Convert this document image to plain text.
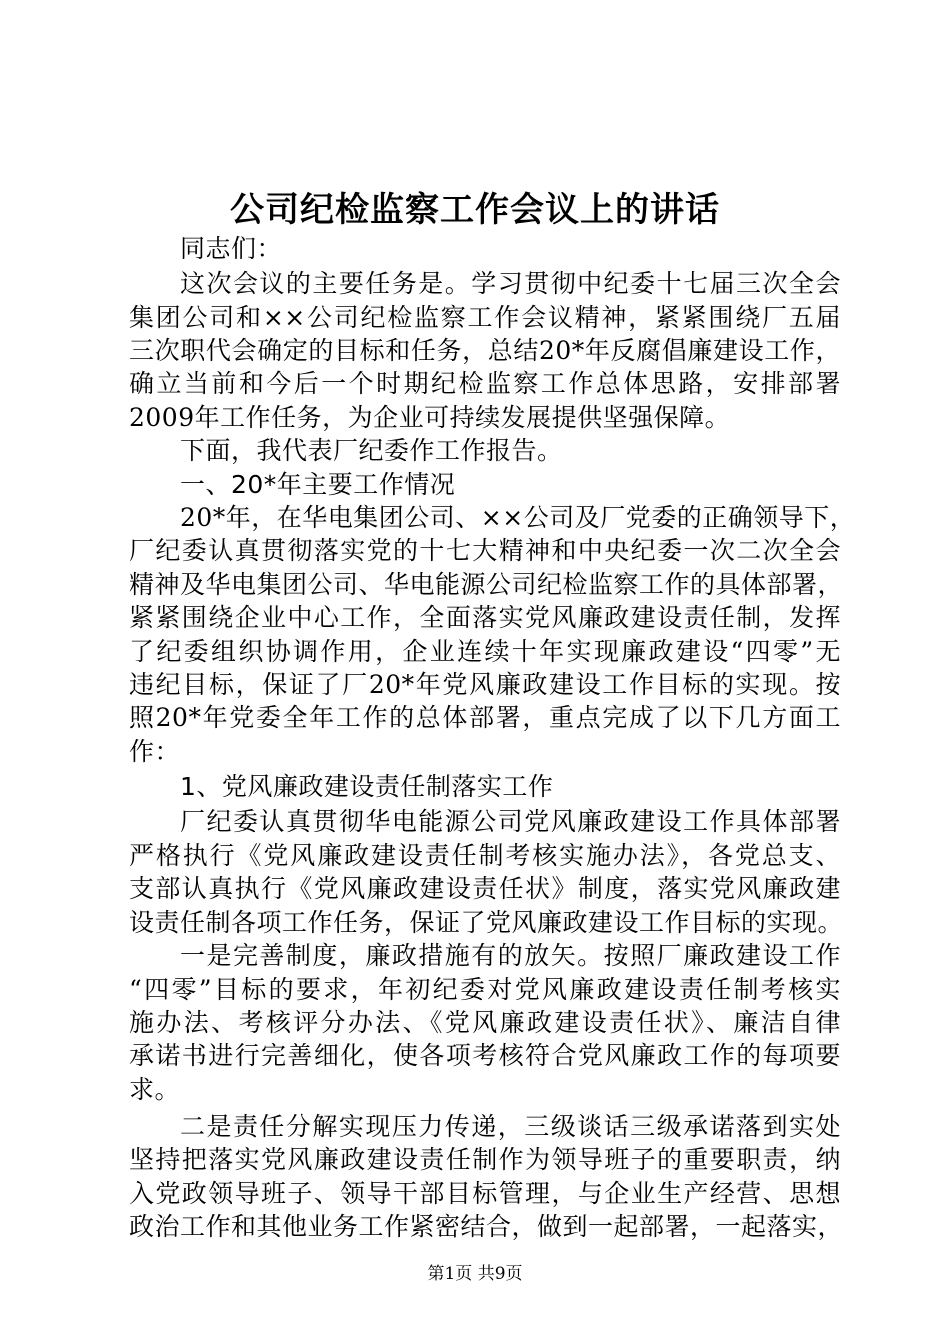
公司纪检监察工作会议上的讲话
同志们：
这次会议的主要任务是。学习贯彻中纪委十七届三次全会
集团公司和××公司纪检监察工作会议精神，紧紧围绕厂五届
三次职代会确定的目标和任务，总结20*年反腐倡廉建设工作，
确立当前和今后一个时期纪检监察工作总体思路，安排部署
2009年工作任务，为企业可持续发展提供坚强保障。
下面，我代表厂纪委作工作报告。
一、20*年主要工作情况
20*年，在华电集团公司、××公司及厂党委的正确领导下，
厂纪委认真贯彻落实党的十七大精神和中央纪委一次二次全会
精神及华电集团公司、华电能源公司纪检监察工作的具体部署，
紧紧围绕企业中心工作，全面落实党风廉政建设责任制，发挥
了纪委组织协调作用，企业连续十年实现廉政建设“四零”无
违纪目标，保证了厂20*年党风廉政建设工作目标的实现。按
照20*年党委全年工作的总体部署，重点完成了以下几方面工
作：
1、党风廉政建设责任制落实工作
厂纪委认真贯彻华电能源公司党风廉政建设工作具体部署
严格执行《党风廉政建设责任制考核实施办法》，各党总支、
支部认真执行《党风廉政建设责任状》制度，落实党风廉政建
设责任制各项工作任务，保证了党风廉政建设工作目标的实现。
一是完善制度，廉政措施有的放矢。按照厂廉政建设工作
“四零”目标的要求，年初纪委对党风廉政建设责任制考核实
施办法、考核评分办法、《党风廉政建设责任状》、廉洁自律
承诺书进行完善细化，使各项考核符合党风廉政工作的每项要
求。
二是责任分解实现压力传递，三级谈话三级承诺落到实处
坚持把落实党风廉政建设责任制作为领导班子的重要职责，纳
入党政领导班子、领导干部目标管理，与企业生产经营、思想
政治工作和其他业务工作紧密结合，做到一起部署，一起落实，
第1页 共9页
